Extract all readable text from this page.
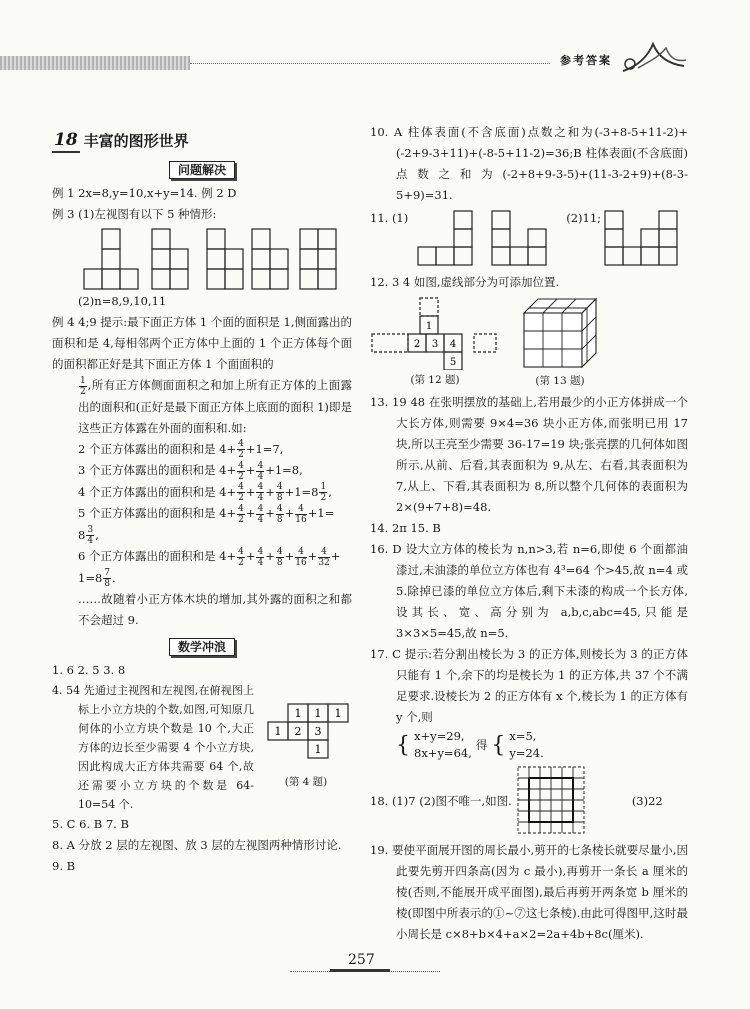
参考答案
18 丰富的图形世界
问题解决

例 1 2x=8,y=10,x+y=14. 例 2 D

例 3 (1)左视图有以下 5 种情形:

(2)n=8,9,10,11

例 4 4;9 提示:最下面正方体 1 个面的面积是 1,侧面露出的面积和是 4,每相邻两个正方体中上面的 1 个正方体每个面的面积都正好是其下面正方体 1 个面面积的

$\frac{1}{2}$ ,所有正方体侧面面积之和加上所有正方体的上面露出的面积和(正好是最下面正方体上底面的面积 1)即是这些正方体露在外面的面积和.如:

2 个正方体露出的面积和是 $4+ \frac{4}{2} +1=7$,

3 个正方体露出的面积和是 $4+ \frac{4}{2} + \frac{4}{4} +1=8$,

4 个正方体露出的面积和是 $4+ \frac{4}{2} + \frac{4}{4} + \frac{4}{8} +1=8 \frac{1}{2}$ ,

5 个正方体露出的面积和是 $4+ \frac{4}{2} + \frac{4}{4} + \frac{4}{8} + \frac{4}{16} +1=$

$8 \frac{3}{4}$ ,

6 个正方体露出的面积和是 $4+ \frac{4}{2} + \frac{4}{4} + \frac{4}{8} + \frac{4}{16} + \frac{4}{32}$ +

$1=8 \frac{7}{8}$ .

……故随着小正方体木块的增加,其外露的面积之和都不会超过 9.

数学冲浪

1. 6 2. 5 3. 8

4. 54 先通过主视图和左视图,在俯视图上标上小立方块的个数,如图,可知原几何体的小立方块个数是 10 个,大正方体的边长至少需要 4 个小立方块,因此构成大正方体共需要 64 个,故还需要小立方块的个数是 64-10=54 个.

1 1 1
1 2 3
1
(第 4 题)

5. C 6. B 7. B

8. A 分放 2 层的左视图、放 3 层的左视图两种情形讨论.

9. B

10. A 柱体表面(不含底面)点数之和为(-3+8-5+11-2)+(-2+9-3+11)+(-8-5+11-2)=36;B 柱体表面(不含底面)点数之和为(-2+8+9-3-5)+(11-3-2+9)+(8-3-5+9)=31.

11. (1)	(2)11;

12. 3 4 如图,虚线部分为可添加位置.

1
2 3 4
5
(第 12 题)	(第 13 题)

13. 19 48 在张明摆放的基础上,若用最少的小正方体拼成一个大长方体,则需要 9×4=36 块小正方体,而张明已用 17 块,所以王亮至少需要 36-17=19 块;张亮摆的几何体如图所示,从前、后看,其表面积为 9,从左、右看,其表面积为 7,从上、下看,其表面积为 8,所以整个几何体的表面积为 2×(9+7+8)=48.

14. 2π 15. B

16. D 设大立方体的棱长为 n,n>3,若 n=6,即使 6 个面都油漆过,未油漆的单位立方体也有 4³=64 个>45,故 n=4 或 5.除掉已漆的单位立方体后,剩下未漆的构成一个长方体,设其长、宽、高分别为 a,b,c,abc=45,只能是 3×3×5=45,故 n=5.

17. C 提示:若分割出棱长为 3 的正方体,则棱长为 3 的正方体只能有 1 个,余下的均是棱长为 1 的正方体,共 37 个不满足要求.设棱长为 2 的正方体有 x 个,棱长为 1 的正方体有 y 个,则

{ x+y=29,
8x+y=64,
得 { x=5,
y=24.
18. (1)7 (2)图不唯一,如图.	(3)22

19. 要使平面展开图的周长最小,剪开的七条棱长就要尽量小,因此要先剪开四条高(因为 c 最小),再剪开一条长 a 厘米的棱(否则,不能展开成平面图),最后再剪开两条宽 b 厘米的棱(即图中所表示的①~⑦这七条棱).由此可得图甲,这时最小周长是 c×8+b×4+a×2=2a+4b+8c(厘米).

257
